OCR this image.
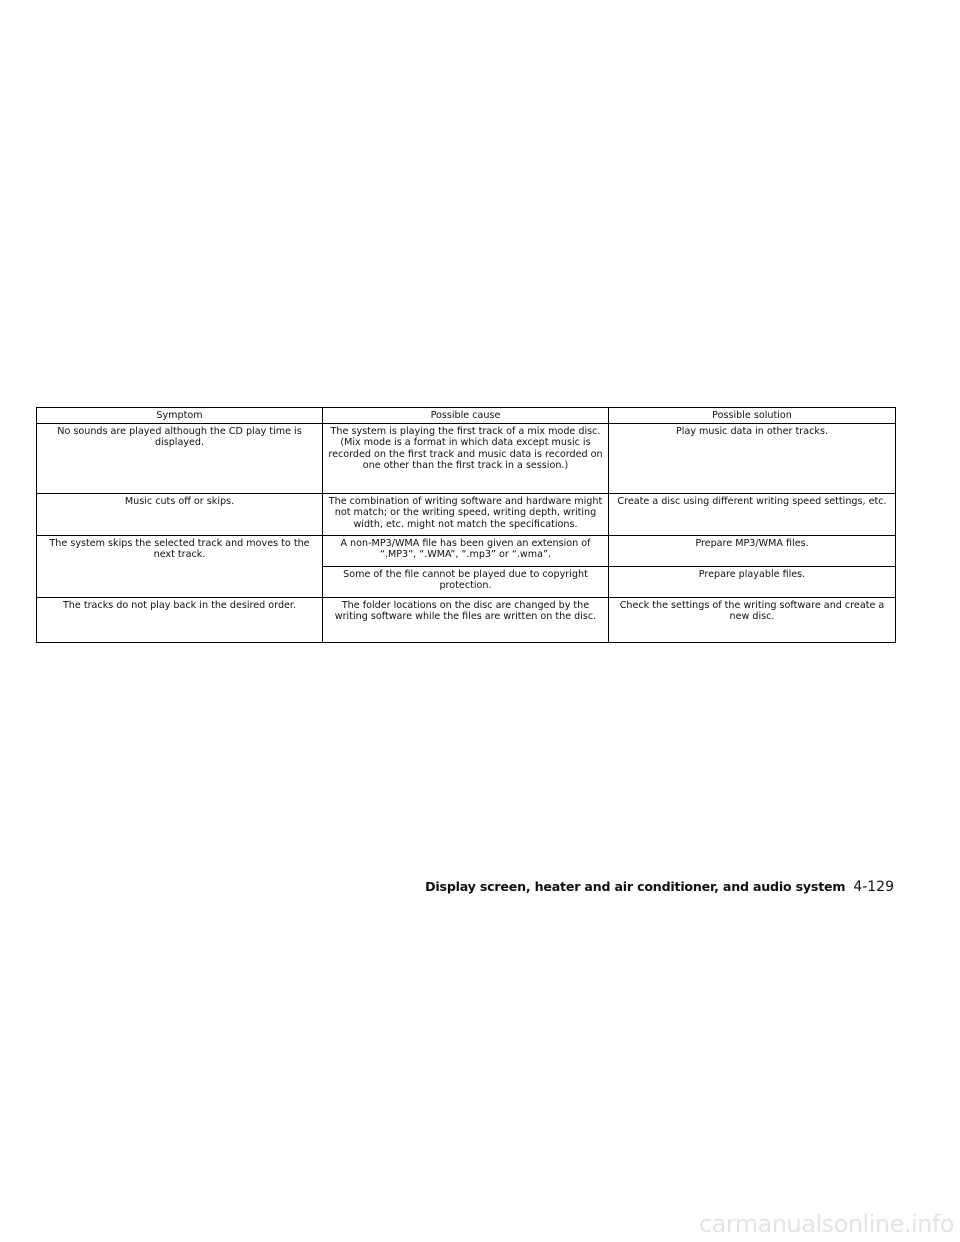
Symptom	Possible cause	Possible solution
No sounds are played although the CD play time is displayed.	The system is playing the first track of a mix mode disc. (Mix mode is a format in which data except music is recorded on the first track and music data is recorded on one other than the first track in a session.)	Play music data in other tracks.
Music cuts off or skips.	The combination of writing software and hardware might not match; or the writing speed, writing depth, writing width, etc. might not match the specifications.	Create a disc using different writing speed settings, etc.
The system skips the selected track and moves to the next track.	A non-MP3/WMA file has been given an extension of “.MP3”, “.WMA”, “.mp3” or “.wma”.	Prepare MP3/WMA files.
	Some of the file cannot be played due to copyright protection.	Prepare playable files.
The tracks do not play back in the desired order.	The folder locations on the disc are changed by the writing software while the files are written on the disc.	Check the settings of the writing software and create a new disc.
Display screen, heater and air conditioner, and audio system 4-129
carmanualsonline.info
